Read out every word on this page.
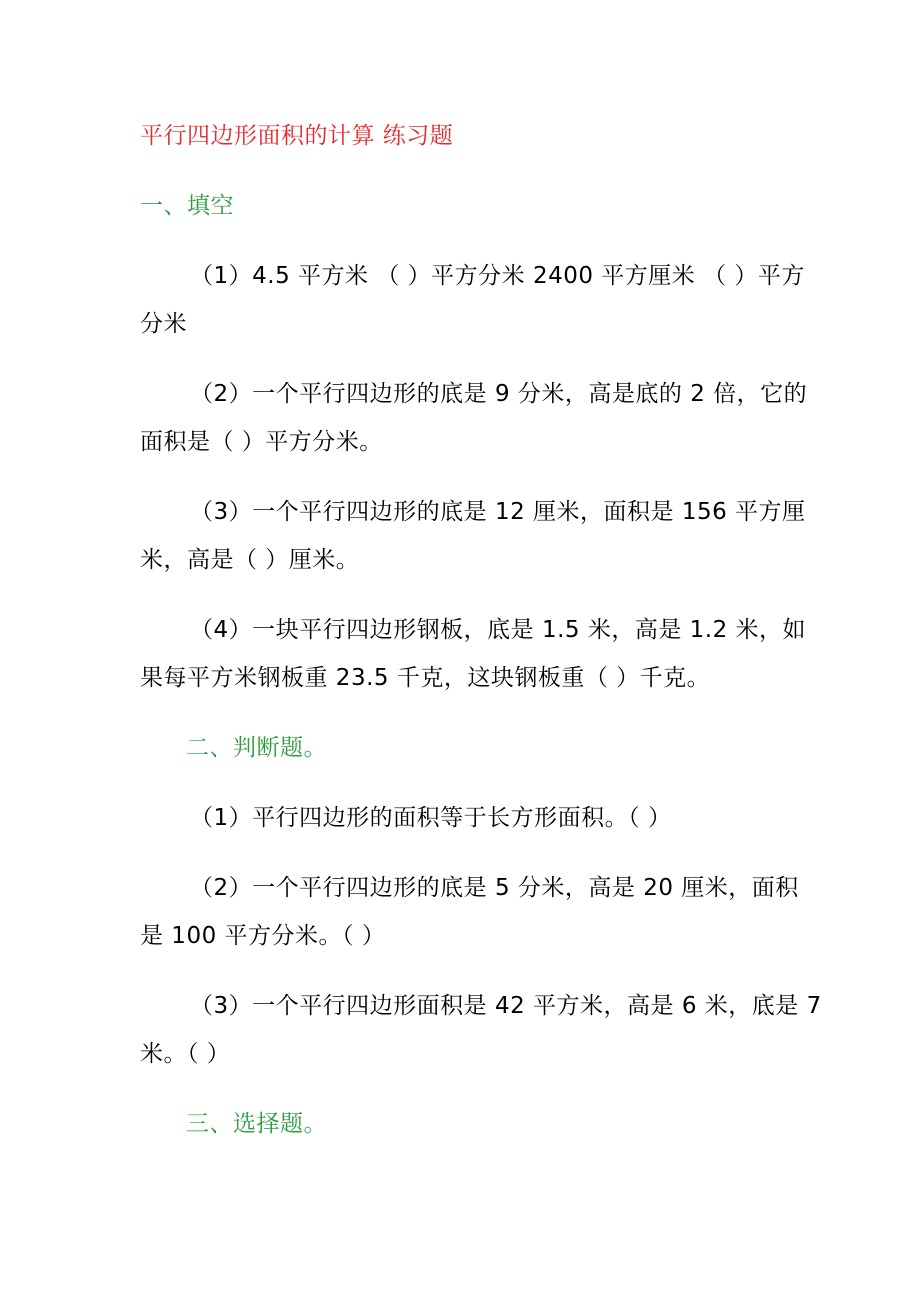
平行四边形面积的计算 练习题
一、填空
（1）4.5 平方米 （ ）平方分米 2400 平方厘米 （ ）平方
分米
（2）一个平行四边形的底是 9 分米，高是底的 2 倍，它的
面积是（ ）平方分米。
（3）一个平行四边形的底是 12 厘米，面积是 156 平方厘
米，高是（ ）厘米。
（4）一块平行四边形钢板，底是 1.5 米，高是 1.2 米，如
果每平方米钢板重 23.5 千克，这块钢板重（ ）千克。
二、判断题。
（1）平行四边形的面积等于长方形面积。（ ）
（2）一个平行四边形的底是 5 分米，高是 20 厘米，面积
是 100 平方分米。（ ）
（3）一个平行四边形面积是 42 平方米，高是 6 米，底是 7
米。（ ）
三、选择题。
